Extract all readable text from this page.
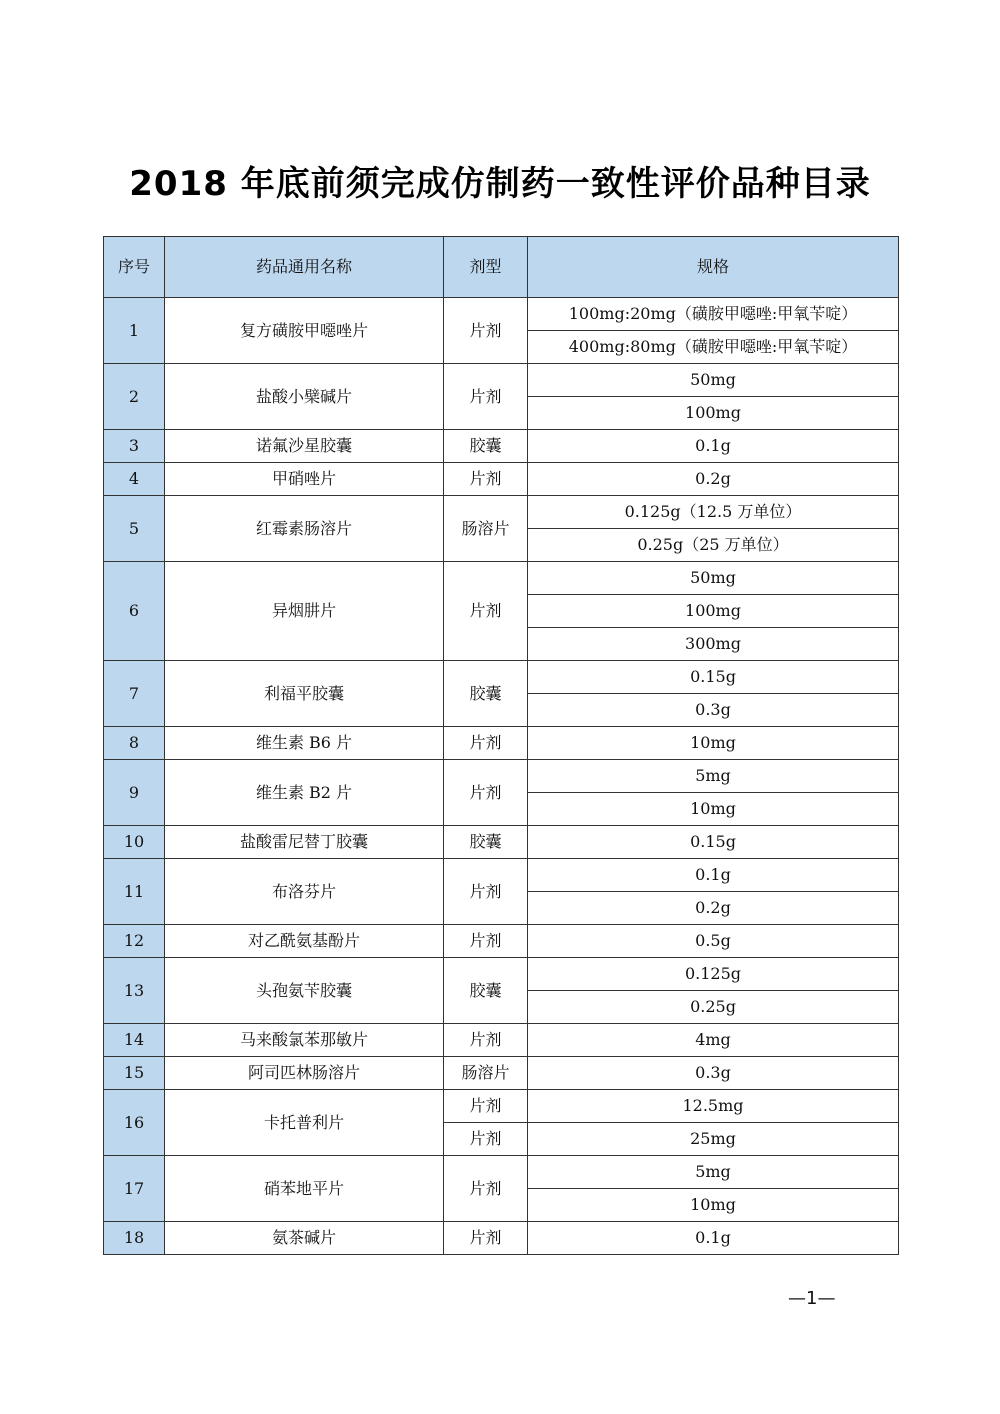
2018 年底前须完成仿制药一致性评价品种目录
序号	药品通用名称	剂型	规格
1	复方磺胺甲噁唑片	片剂	100mg:20mg（磺胺甲噁唑:甲氧苄啶）
			400mg:80mg（磺胺甲噁唑:甲氧苄啶）
2	盐酸小檗碱片	片剂	50mg
			100mg
3	诺氟沙星胶囊	胶囊	0.1g
4	甲硝唑片	片剂	0.2g
5	红霉素肠溶片	肠溶片	0.125g（12.5 万单位）
			0.25g（25 万单位）
6	异烟肼片	片剂	50mg
			100mg
			300mg
7	利福平胶囊	胶囊	0.15g
			0.3g
8	维生素 B6 片	片剂	10mg
9	维生素 B2 片	片剂	5mg
			10mg
10	盐酸雷尼替丁胶囊	胶囊	0.15g
11	布洛芬片	片剂	0.1g
			0.2g
12	对乙酰氨基酚片	片剂	0.5g
13	头孢氨苄胶囊	胶囊	0.125g
			0.25g
14	马来酸氯苯那敏片	片剂	4mg
15	阿司匹林肠溶片	肠溶片	0.3g
16	卡托普利片	片剂	12.5mg
		片剂	25mg
17	硝苯地平片	片剂	5mg
			10mg
18	氨茶碱片	片剂	0.1g
—1—
